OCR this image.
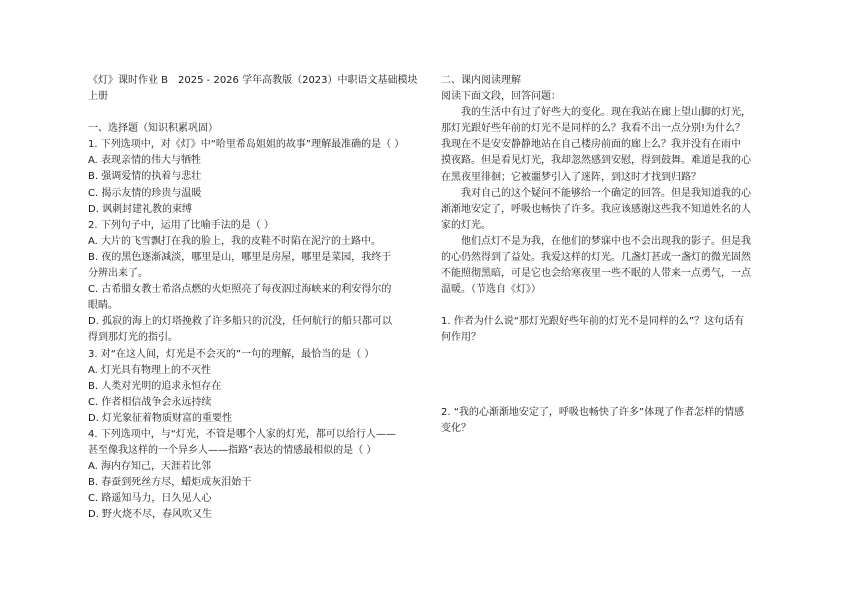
《灯》课时作业 B　2025 - 2026 学年高教版（2023）中职语文基础模块
上册
一、选择题（知识积累巩固）
1. 下列选项中，对《灯》中“哈里希岛姐姐的故事”理解最准确的是（ ）
A. 表现亲情的伟大与牺牲
B. 强调爱情的执着与悲壮
C. 揭示友情的珍贵与温暖
D. 讽刺封建礼教的束缚
2. 下列句子中，运用了比喻手法的是（ ）
A. 大片的飞雪飘打在我的脸上，我的皮鞋不时陷在泥泞的土路中。
B. 夜的黑色逐渐减淡，哪里是山，哪里是房屋，哪里是菜园，我终于
分辨出来了。
C. 古希腊女教士希洛点燃的火炬照亮了每夜泅过海峡来的利安得尔的
眼睛。
D. 孤寂的海上的灯塔挽救了许多船只的沉没，任何航行的船只都可以
得到那灯光的指引。
3. 对“在这人间，灯光是不会灭的”一句的理解，最恰当的是（ ）
A. 灯光具有物理上的不灭性
B. 人类对光明的追求永恒存在
C. 作者相信战争会永远持续
D. 灯光象征着物质财富的重要性
4. 下列选项中，与“灯光，不管是哪个人家的灯光，都可以给行人——
甚至像我这样的一个异乡人——指路”表达的情感最相似的是（ ）
A. 海内存知己，天涯若比邻
B. 春蚕到死丝方尽，蜡炬成灰泪始干
C. 路遥知马力，日久见人心
D. 野火烧不尽，春风吹又生
二、课内阅读理解
阅读下面文段，回答问题：
我的生活中有过了好些大的变化。现在我站在廊上望山脚的灯光，
那灯光跟好些年前的灯光不是同样的么？我看不出一点分别!为什么？
我现在不是安安静静地站在自己楼房前面的廊上么？我并没有在雨中
摸夜路。但是看见灯光，我却忽然感到安慰，得到鼓舞。难道是我的心
在黑夜里徘徊；它被噩梦引入了迷阵，到这时才找到归路？
我对自己的这个疑问不能够给一个确定的回答。但是我知道我的心
渐渐地安定了，呼吸也畅快了许多。我应该感谢这些我不知道姓名的人
家的灯光。
他们点灯不是为我，在他们的梦寐中也不会出现我的影子。但是我
的心仍然得到了益处。我爱这样的灯光。几盏灯甚或一盏灯的微光固然
不能照彻黑暗，可是它也会给寒夜里一些不眠的人带来一点勇气，一点
温暖。（节选自《灯》）
1. 作者为什么说“那灯光跟好些年前的灯光不是同样的么”？这句话有
何作用？
2. “我的心渐渐地安定了，呼吸也畅快了许多”体现了作者怎样的情感
变化？
